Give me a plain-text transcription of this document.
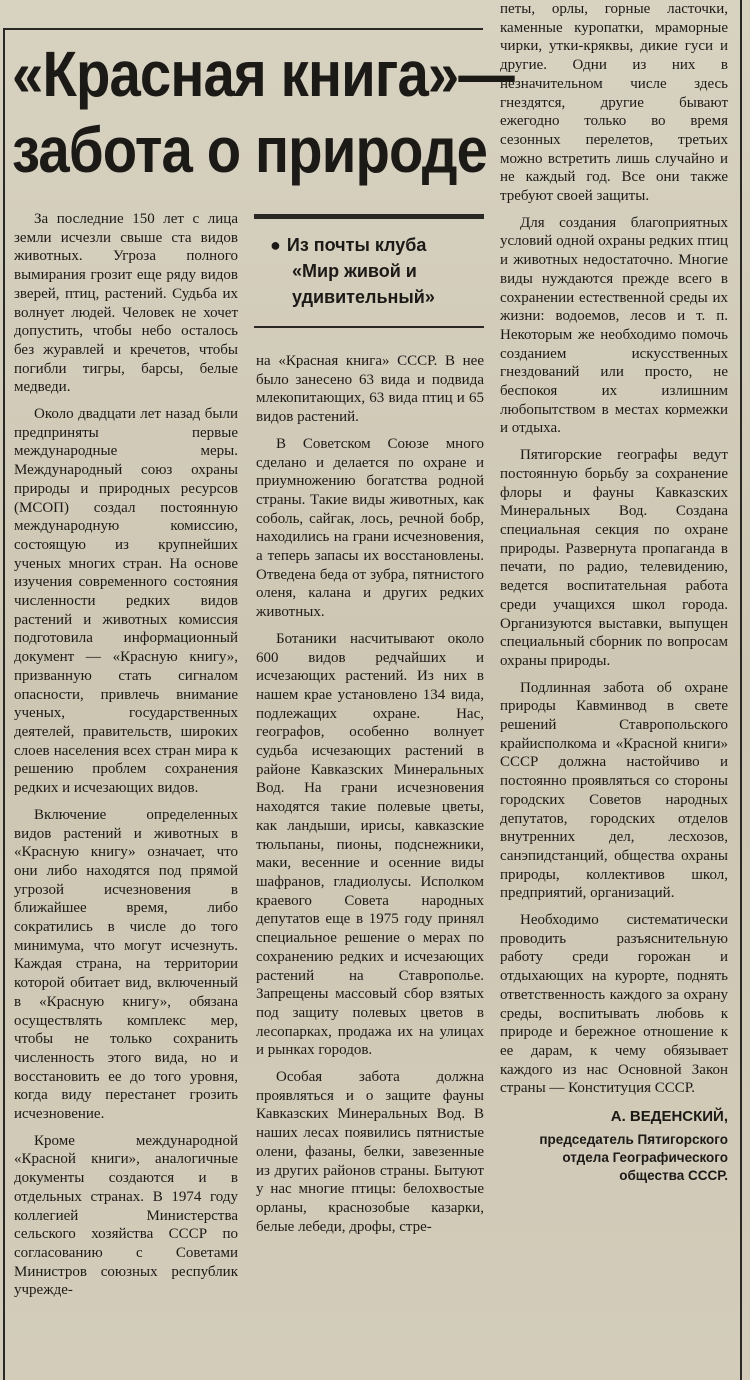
«Красная книга»—
забота о природе
● Из почты клуба
«Мир живой и
удивительный»

За последние 150 лет с лица земли исчезли свыше ста видов животных. Угроза полного вымирания грозит еще ряду видов зверей, птиц, растений. Судьба их волнует людей. Человек не хочет допустить, чтобы небо осталось без журавлей и кречетов, чтобы погибли тигры, барсы, белые медведи.

Около двадцати лет назад были предприняты первые международные меры. Международный союз охраны природы и природных ресурсов (МСОП) создал постоянную международную комиссию, состоящую из крупнейших ученых многих стран. На основе изучения современного состояния численности редких видов растений и животных комиссия подготовила информационный документ — «Красную книгу», призванную стать сигналом опасности, привлечь внимание ученых, государственных деятелей, правительств, широких слоев населения всех стран мира к решению проблем сохранения редких и исчезающих видов.

Включение определенных видов растений и животных в «Красную книгу» означает, что они либо находятся под прямой угрозой исчезновения в ближайшее время, либо сократились в числе до того минимума, что могут исчезнуть. Каждая страна, на территории которой обитает вид, включенный в «Красную книгу», обязана осуществлять комплекс мер, чтобы не только сохранить численность этого вида, но и восстановить ее до того уровня, когда виду перестанет грозить исчезновение.

Кроме международной «Красной книги», аналогичные документы создаются и в отдельных странах. В 1974 году коллегией Министерства сельского хозяйства СССР по согласованию с Советами Министров союзных республик учрежде-

на «Красная книга» СССР. В нее было занесено 63 вида и подвида млекопитающих, 63 вида птиц и 65 видов растений.

В Советском Союзе много сделано и делается по охране и приумножению богатства родной страны. Такие виды животных, как соболь, сайгак, лось, речной бобр, находились на грани исчезновения, а теперь запасы их восстановлены. Отведена беда от зубра, пятнистого оленя, калана и других редких животных.

Ботаники насчитывают около 600 видов редчайших и исчезающих растений. Из них в нашем крае установлено 134 вида, подлежащих охране. Нас, географов, особенно волнует судьба исчезающих растений в районе Кавказских Минеральных Вод. На грани исчезновения находятся такие полевые цветы, как ландыши, ирисы, кавказские тюльпаны, пионы, подснежники, маки, весенние и осенние виды шафранов, гладиолусы. Исполком краевого Совета народных депутатов еще в 1975 году принял специальное решение о мерах по сохранению редких и исчезающих растений на Ставрополье. Запрещены массовый сбор взятых под защиту полевых цветов в лесопарках, продажа их на улицах и рынках городов.

Особая забота должна проявляться и о защите фауны Кавказских Минеральных Вод. В наших лесах появились пятнистые олени, фазаны, белки, завезенные из других районов страны. Бытуют у нас многие птицы: белохвостые орланы, краснозобые казарки, белые лебеди, дрофы, стре-

петы, орлы, горные ласточки, каменные куропатки, мраморные чирки, утки-кряквы, дикие гуси и другие. Одни из них в незначительном числе здесь гнездятся, другие бывают ежегодно только во время сезонных перелетов, третьих можно встретить лишь случайно и не каждый год. Все они также требуют своей защиты.

Для создания благоприятных условий одной охраны редких птиц и животных недостаточно. Многие виды нуждаются прежде всего в сохранении естественной среды их жизни: водоемов, лесов и т. п. Некоторым же необходимо помочь созданием искусственных гнездований или просто, не беспокоя их излишним любопытством в местах кормежки и отдыха.

Пятигорские географы ведут постоянную борьбу за сохранение флоры и фауны Кавказских Минеральных Вод. Создана специальная секция по охране природы. Развернута пропаганда в печати, по радио, телевидению, ведется воспитательная работа среди учащихся школ города. Организуются выставки, выпущен специальный сборник по вопросам охраны природы.

Подлинная забота об охране природы Кавминвод в свете решений Ставропольского крайисполкома и «Красной книги» СССР должна настойчиво и постоянно проявляться со стороны городских Советов народных депутатов, городских отделов внутренних дел, лесхозов, санэпидстанций, общества охраны природы, коллективов школ, предприятий, организаций.

Необходимо систематически проводить разъяснительную работу среди горожан и отдыхающих на курорте, поднять ответственность каждого за охрану среды, воспитывать любовь к природе и бережное отношение к ее дарам, к чему обязывает каждого из нас Основной Закон страны — Конституция СССР.

А. ВЕДЕНСКИЙ,
председатель Пятигорского отдела Географического общества СССР.
